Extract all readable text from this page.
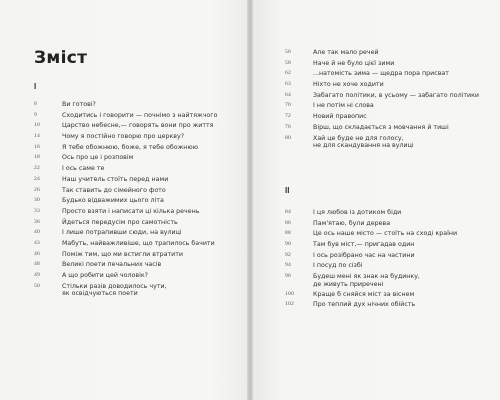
Зміст
I
8	Ви готові?
9	Сходитись і говорити — почнімо з найтяжчого
10	Царство небесне,— говорять вони про життя
14	Чому я постійно говорю про церкву?
16	Я тебе обожнюю, боже, я тебе обожнюю
18	Ось про це і розповім
22	І ось саме те
24	Наш учитель стоїть перед нами
26	Так ставить до сімейного фото
30	Будько відважимих цього літа
33	Просто взяти і написати ці кілька речень
36	Йдеться передусім про самотність
40	І лише потрапивши сюди, на вулиці
43	Мабуть, найважливіше, що трапилось бачити
46	Поміж тим, що ми встигли втратити
48	Великі поети печальних часів
49	А що робити цей чоловік?
50	Стільки разів доводилось чути,
як освідчуються поети
56	Але так мало речей
58	Наче й не було цієї зими
62	...натомість зима — щедра пора присват
63	Ніхто не хоче ходити
64	Забагато політики, в усьому — забагато політики
70	І не потім ні слова
72	Новий правопис
76	Вірш, що складається з мовчання й тиші
80	Хай це буде не для голосу,
не для скандування на вулиці
II
84	І ця любов із дотиком біди
86	Пам'ятаю, були дерева
88	Це ось наше місто — стоїть на сході країни
90	Там був міст,— пригадав один
92	І ось розібрано час на частини
94	І посуд по сізбі
96	Будеш мені як знак на будинку,
де живуть приречені
100	Краще б сняйся міст за віснем
102	Про теплий дух нічних обійсть
